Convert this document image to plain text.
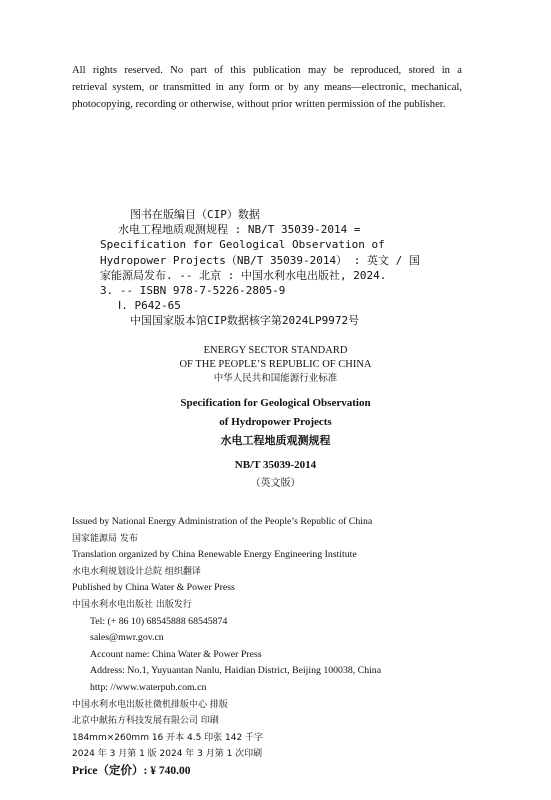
All rights reserved. No part of this publication may be reproduced, stored in a
retrieval system, or transmitted in any form or by any means—electronic, mechanical,
photocopying, recording or otherwise, without prior written permission of the publisher.
图书在版编目（CIP）数据
水电工程地质观测规程 : NB/T 35039-2014 =
Specification for Geological Observation of
Hydropower Projects（NB/T 35039-2014） : 英文 / 国
家能源局发布. -- 北京 : 中国水利水电出版社, 2024.
3. -- ISBN 978-7-5226-2805-9
Ⅰ. P642-65
中国国家版本馆CIP数据核字第2024LP9972号
ENERGY SECTOR STANDARD
OF THE PEOPLE’S REPUBLIC OF CHINA
中华人民共和国能源行业标准
Specification for Geological Observation
of Hydropower Projects
水电工程地质观测规程
NB/T 35039-2014
（英文版）
Issued by National Energy Administration of the People’s Republic of China
国家能源局 发布
Translation organized by China Renewable Energy Engineering Institute
水电水利规划设计总院 组织翻译
Published by China Water & Power Press
中国水利水电出版社 出版发行
Tel: (+ 86 10) 68545888 68545874
sales@mwr.gov.cn
Account name: China Water & Power Press
Address: No.1, Yuyuantan Nanlu, Haidian District, Beijing 100038, China
http: //www.waterpub.com.cn
中国水利水电出版社微机排版中心 排版
北京中献拓方科技发展有限公司 印刷
184mm×260mm 16 开本 4.5 印张 142 千字
2024 年 3 月第 1 版 2024 年 3 月第 1 次印刷
Price（定价）: ¥ 740.00
